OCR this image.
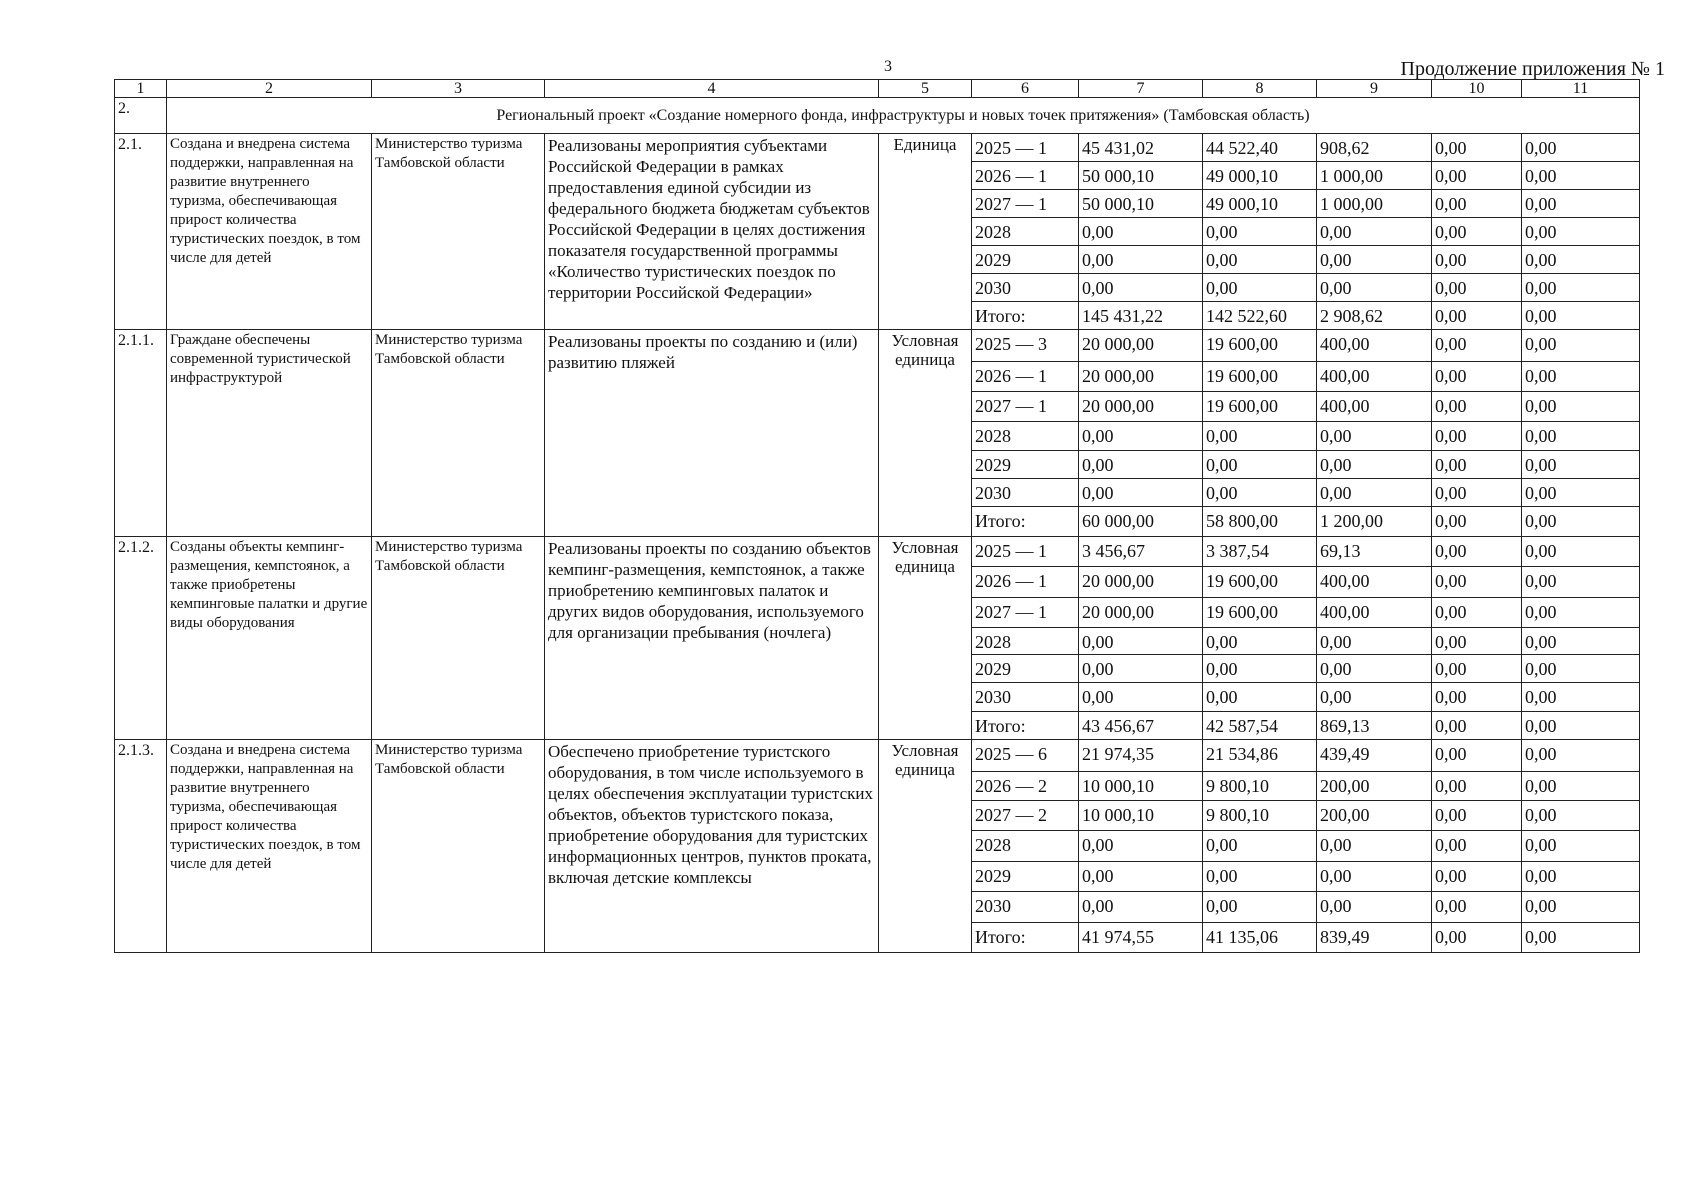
3	Продолжение приложения № 1
1	2	3	4	5	6	7	8	9	10	11
2.	Региональный проект «Создание номерного фонда, инфраструктуры и новых точек притяжения» (Тамбовская область)									
2.1.	Создана и внедрена система поддержки, направленная на развитие внутреннего туризма, обеспечивающая прирост количества туристических поездок, в том числе для детей	Министерство туризма Тамбовской области	Реализованы мероприятия субъектами Российской Федерации в рамках предоставления единой субсидии из федерального бюджета бюджетам субъектов Российской Федерации в целях достижения показателя государственной программы «Количество туристических поездок по территории Российской Федерации»	Единица	2025 — 1	45 431,02	44 522,40	908,62	0,00	0,00
					2026 — 1	50 000,10	49 000,10	1 000,00	0,00	0,00
					2027 — 1	50 000,10	49 000,10	1 000,00	0,00	0,00
					2028	0,00	0,00	0,00	0,00	0,00
					2029	0,00	0,00	0,00	0,00	0,00
					2030	0,00	0,00	0,00	0,00	0,00
					Итого:	145 431,22	142 522,60	2 908,62	0,00	0,00
2.1.1.	Граждане обеспечены современной туристической инфраструктурой	Министерство туризма Тамбовской области	Реализованы проекты по созданию и (или) развитию пляжей	Условная единица	2025 — 3	20 000,00	19 600,00	400,00	0,00	0,00
					2026 — 1	20 000,00	19 600,00	400,00	0,00	0,00
					2027 — 1	20 000,00	19 600,00	400,00	0,00	0,00
					2028	0,00	0,00	0,00	0,00	0,00
					2029	0,00	0,00	0,00	0,00	0,00
					2030	0,00	0,00	0,00	0,00	0,00
					Итого:	60 000,00	58 800,00	1 200,00	0,00	0,00
2.1.2.	Созданы объекты кемпинг-размещения, кемпстоянок, а также приобретены кемпинговые палатки и другие виды оборудования	Министерство туризма Тамбовской области	Реализованы проекты по созданию объектов кемпинг-размещения, кемпстоянок, а также приобретению кемпинговых палаток и других видов оборудования, используемого для организации пребывания (ночлега)	Условная единица	2025 — 1	3 456,67	3 387,54	69,13	0,00	0,00
					2026 — 1	20 000,00	19 600,00	400,00	0,00	0,00
					2027 — 1	20 000,00	19 600,00	400,00	0,00	0,00
					2028	0,00	0,00	0,00	0,00	0,00
					2029	0,00	0,00	0,00	0,00	0,00
					2030	0,00	0,00	0,00	0,00	0,00
					Итого:	43 456,67	42 587,54	869,13	0,00	0,00
2.1.3.	Создана и внедрена система поддержки, направленная на развитие внутреннего туризма, обеспечивающая прирост количества туристических поездок, в том числе для детей	Министерство туризма Тамбовской области	Обеспечено приобретение туристского оборудования, в том числе используемого в целях обеспечения эксплуатации туристских объектов, объектов туристского показа, приобретение оборудования для туристских информационных центров, пунктов проката, включая детские комплексы	Условная единица	2025 — 6	21 974,35	21 534,86	439,49	0,00	0,00
					2026 — 2	10 000,10	9 800,10	200,00	0,00	0,00
					2027 — 2	10 000,10	9 800,10	200,00	0,00	0,00
					2028	0,00	0,00	0,00	0,00	0,00
					2029	0,00	0,00	0,00	0,00	0,00
					2030	0,00	0,00	0,00	0,00	0,00
					Итого:	41 974,55	41 135,06	839,49	0,00	0,00
